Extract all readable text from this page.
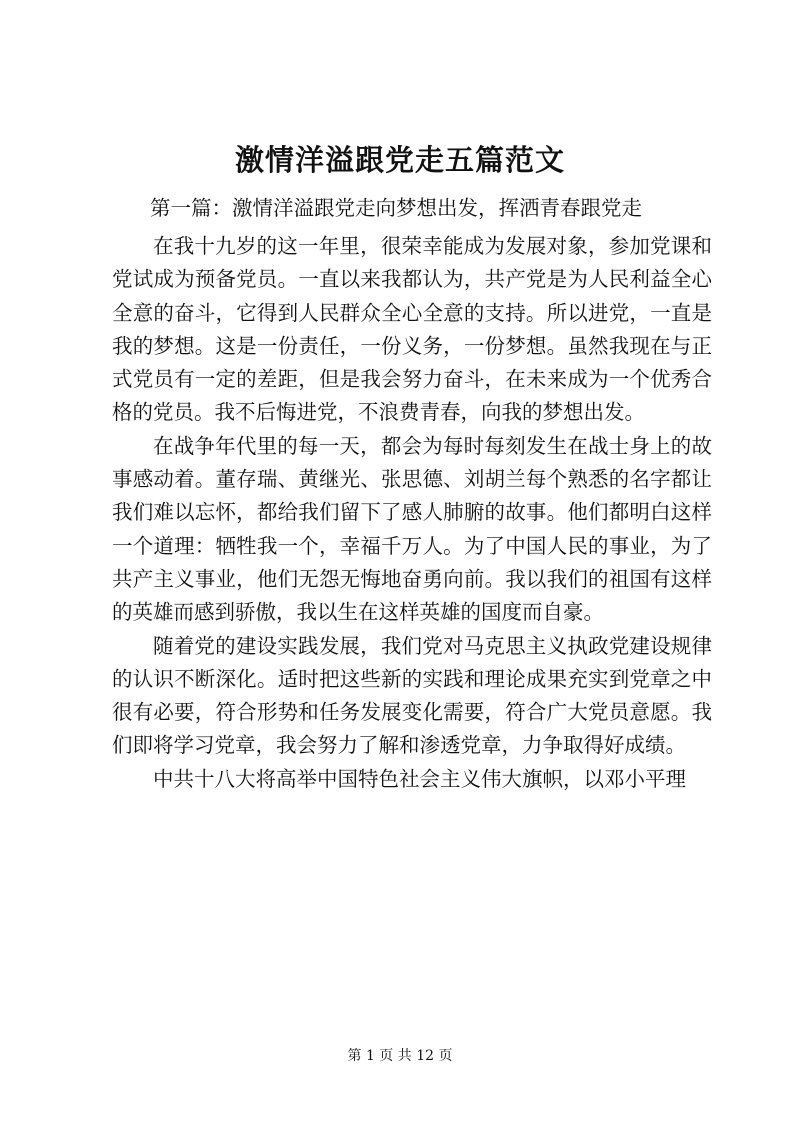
激情洋溢跟党走五篇范文
第一篇：激情洋溢跟党走向梦想出发，挥洒青春跟党走

在我十九岁的这一年里，很荣幸能成为发展对象，参加党课和党试成为预备党员。一直以来我都认为，共产党是为人民利益全心全意的奋斗，它得到人民群众全心全意的支持。所以进党，一直是我的梦想。这是一份责任，一份义务，一份梦想。虽然我现在与正式党员有一定的差距，但是我会努力奋斗，在未来成为一个优秀合格的党员。我不后悔进党，不浪费青春，向我的梦想出发。

在战争年代里的每一天，都会为每时每刻发生在战士身上的故事感动着。董存瑞、黄继光、张思德、刘胡兰每个熟悉的名字都让我们难以忘怀，都给我们留下了感人肺腑的故事。他们都明白这样一个道理：牺牲我一个，幸福千万人。为了中国人民的事业，为了共产主义事业，他们无怨无悔地奋勇向前。我以我们的祖国有这样的英雄而感到骄傲，我以生在这样英雄的国度而自豪。

随着党的建设实践发展，我们党对马克思主义执政党建设规律的认识不断深化。适时把这些新的实践和理论成果充实到党章之中很有必要，符合形势和任务发展变化需要，符合广大党员意愿。我们即将学习党章，我会努力了解和渗透党章，力争取得好成绩。

中共十八大将高举中国特色社会主义伟大旗帜，以邓小平理

第 1 页 共 12 页
